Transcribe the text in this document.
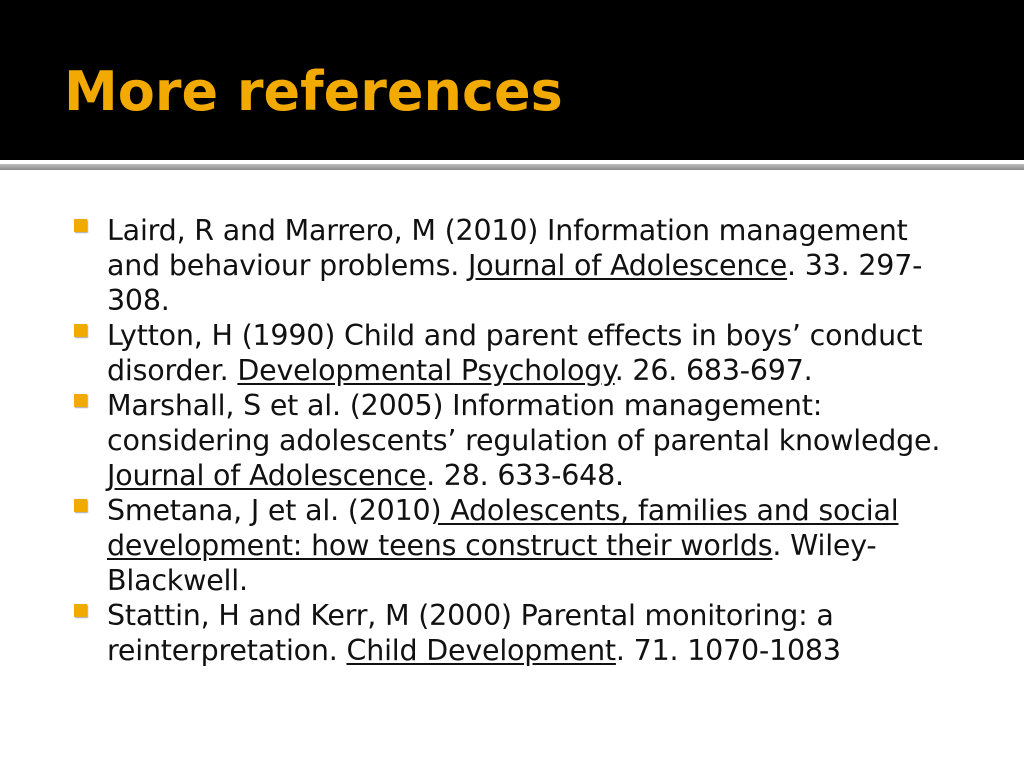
More references
Laird, R and Marrero, M (2010) Information management and behaviour problems. Journal of Adolescence. 33. 297-308.
Lytton, H (1990) Child and parent effects in boys’ conduct disorder. Developmental Psychology. 26. 683-697.
Marshall, S et al. (2005) Information management: considering adolescents’ regulation of parental knowledge. Journal of Adolescence. 28. 633-648.
Smetana, J et al. (2010) Adolescents, families and social development: how teens construct their worlds. Wiley-Blackwell.
Stattin, H and Kerr, M (2000) Parental monitoring: a reinterpretation. Child Development. 71. 1070-1083
